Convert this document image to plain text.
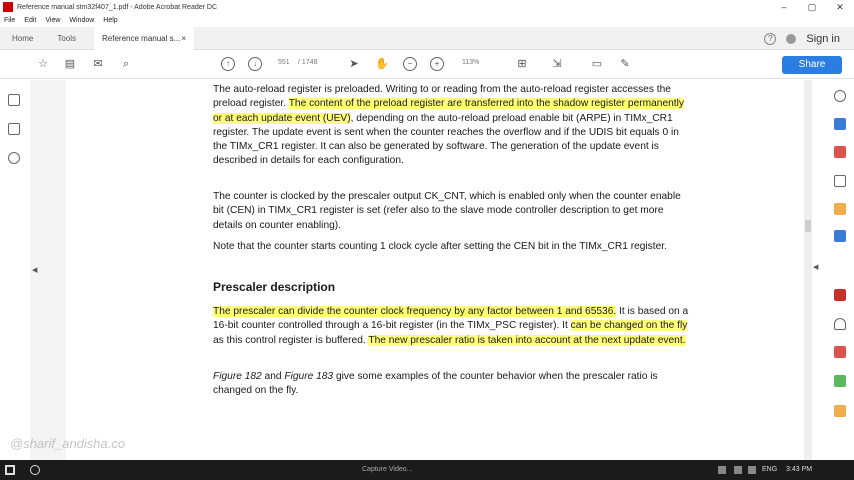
Reference manual stm32f407_1.pdf - Adobe Acrobat Reader DC	–	▢	✕
File Edit View Window Help
Home	Tools	Reference manual s... ×	?	Sign in
☆ ▤ ✉	⌕	↑	↓	551 / 1748	➤ ✋	−	+	113%	⊞ ⇲	▭ ✎	Share
◀
The auto-reload register is preloaded. Writing to or reading from the auto-reload register accesses the preload register. The content of the preload register are transferred into the shadow register permanently or at each update event (UEV), depending on the auto-reload preload enable bit (ARPE) in TIMx_CR1 register. The update event is sent when the counter reaches the overflow and if the UDIS bit equals 0 in the TIMx_CR1 register. It can also be generated by software. The generation of the update event is described in details for each configuration.
The counter is clocked by the prescaler output CK_CNT, which is enabled only when the counter enable bit (CEN) in TIMx_CR1 register is set (refer also to the slave mode controller description to get more details on counter enabling).
Note that the counter starts counting 1 clock cycle after setting the CEN bit in the TIMx_CR1 register.
Prescaler description
The prescaler can divide the counter clock frequency by any factor between 1 and 65536. It is based on a 16-bit counter controlled through a 16-bit register (in the TIMx_PSC register). It can be changed on the fly as this control register is buffered. The new prescaler ratio is taken into account at the next update event.
Figure 182 and Figure 183 give some examples of the counter behavior when the prescaler ratio is changed on the fly.
◀
@sharif_andisha.co
Capture Video...	ENG 3:43 PM
